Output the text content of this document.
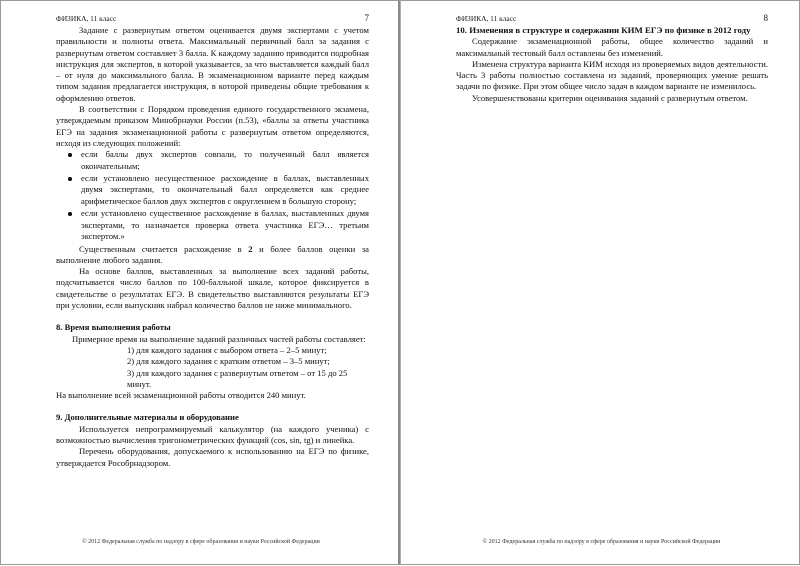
ФИЗИКА, 11 класс	7

Задание с развернутым ответом оценивается двумя экспертами с учетом правильности и полноты ответа. Максимальный первичный балл за задания с развернутым ответом составляет 3 балла. К каждому заданию приводится подробная инструкция для экспертов, в которой указывается, за что выставляется каждый балл – от нуля до максимального балла. В экзаменационном варианте перед каждым типом задания предлагается инструкция, в которой приведены общие требования к оформлению ответов.

В соответствии с Порядком проведения единого государственного экзамена, утверждаемым приказом Минобрнауки России (п.53), «баллы за ответы участника ЕГЭ на задания экзаменационной работы с развернутым ответом определяются, исходя из следующих положений:

если баллы двух экспертов совпали, то полученный балл является окончательным;
если установлено несущественное расхождение в баллах, выставленных двумя экспертами, то окончательный балл определяется как среднее арифметическое баллов двух экспертов с округлением в большую сторону;
если установлено существенное расхождение в баллах, выставленных двумя экспертами, то назначается проверка ответа участника ЕГЭ… третьим экспертом.»

Существенным считается расхождение в 2 и более баллов оценки за выполнение любого задания.

На основе баллов, выставленных за выполнение всех заданий работы, подсчитывается число баллов по 100-балльной шкале, которое фиксируется в свидетельстве о результатах ЕГЭ. В свидетельство выставляются результаты ЕГЭ при условии, если выпускник набрал количество баллов не ниже минимального.

8. Время выполнения работы

Примерное время на выполнение заданий различных частей работы составляет:

1) для каждого задания с выбором ответа – 2–5 минут;
2) для каждого задания с кратким ответом – 3–5 минут;
3) для каждого задания с развернутым ответом – от 15 до 25 минут.

На выполнение всей экзаменационной работы отводится 240 минут.

9. Дополнительные материалы и оборудование

Используется непрограммируемый калькулятор (на каждого ученика) с возможностью вычисления тригонометрических функций (cos, sin, tg) и линейка.

Перечень оборудования, допускаемого к использованию на ЕГЭ по физике, утверждается Рособрнадзором.

© 2012 Федеральная служба по надзору в сфере образования и науки Российской Федерации
ФИЗИКА, 11 класс	8
10. Изменения в структуре и содержании КИМ ЕГЭ по физике в 2012 году

Содержание экзаменационной работы, общее количество заданий и максимальный тестовый балл оставлены без изменений.

Изменена структура варианта КИМ исходя из проверяемых видов деятельности. Часть 3 работы полностью составлена из заданий, проверяющих умение решать задачи по физике. При этом общее число задач в каждом варианте не изменилось.

Усовершенствованы критерии оценивания заданий с развернутым ответом.

© 2012 Федеральная служба по надзору в сфере образования и науки Российской Федерации
